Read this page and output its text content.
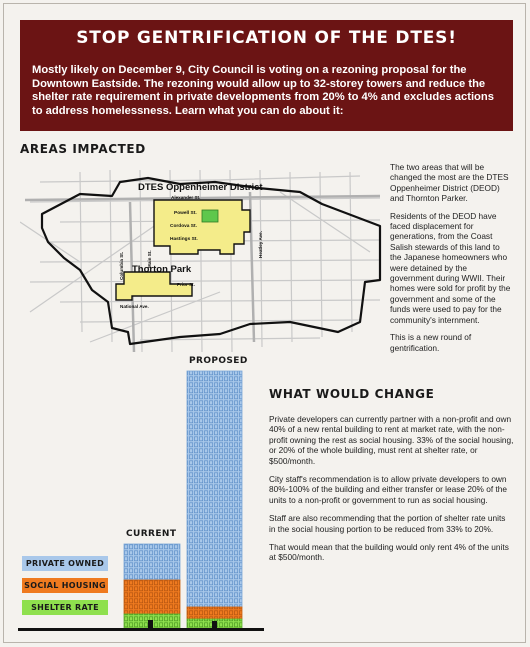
STOP GENTRIFICATION OF THE DTES!
Mostly likely on December 9, City Council is voting on a rezoning proposal for the Downtown Eastside. The rezoning would allow up to 32-storey towers and reduce the shelter rate requirement in private developments from 20% to 4% and excludes actions to address homelessness. Learn what you can do about it:
AREAS IMPACTED
DTES Oppenheimer District
Alexander St.
Powell St.
Cordova St.
Hastings St.
Columbia St.	Main St.
Heatley Ave.
Thorton Park
Prior St.
National Ave.

The two areas that will be changed the most are the DTES Oppenheimer District (DEOD) and Thornton Parker.

Residents of the DEOD have faced displacement for generations, from the Coast Salish stewards of this land to the Japanese homeowners who were detained by the government during WWII. Their homes were sold for profit by the government and some of the funds were used to pay for the community's internment.

This is a new round of gentrification.

PROPOSED
CURRENT
PRIVATE OWNED
SOCIAL HOUSING
SHELTER RATE
WHAT WOULD CHANGE

Private developers can currently partner with a non-profit and own 40% of a new rental building to rent at market rate, with the non-profit owning the rest as social housing. 33% of the social housing, or 20% of the whole building, must rent at shelter rate, or $500/month.

City staff's recommendation is to allow private developers to own 80%-100% of the building and either transfer or lease 20% of the units to a non-profit or government to run as social housing.

Staff are also recommending that the portion of shelter rate units in the social housing portion to be reduced from 33% to 20%.

That would mean that the building would only rent 4% of the units at $500/month.
